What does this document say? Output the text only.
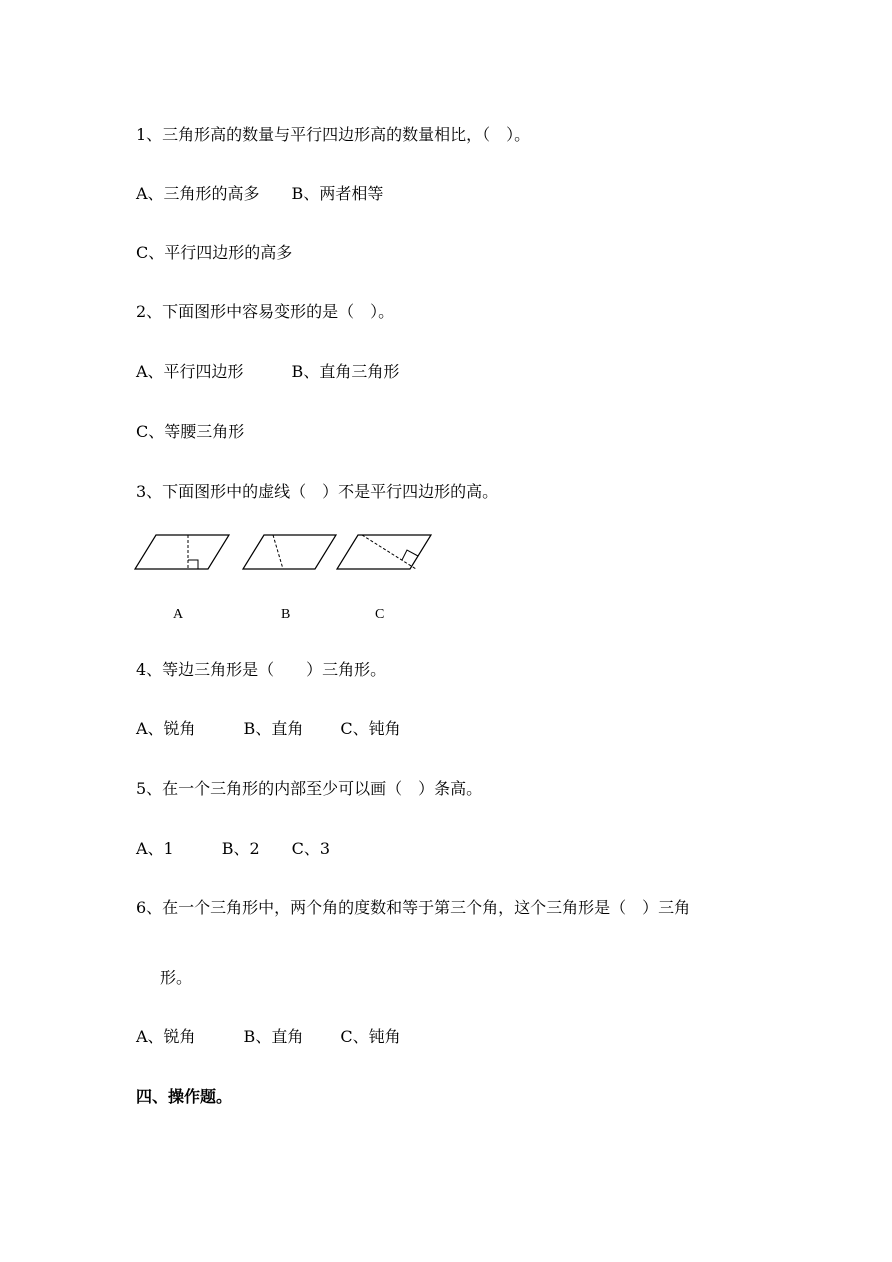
1、三角形高的数量与平行四边形高的数量相比，（　）。
A、三角形的高多　　B、两者相等
C、平行四边形的高多
2、下面图形中容易变形的是（　）。
A、平行四边形　　　B、直角三角形
C、等腰三角形
3、下面图形中的虚线（　）不是平行四边形的高。
A	B	C
4、等边三角形是（　　）三角形。
A、锐角　　　B、直角　　 C、钝角
5、在一个三角形的内部至少可以画（　）条高。
A、1　　　B、2　　C、3
6、在一个三角形中，两个角的度数和等于第三个角，这个三角形是（　）三角
形。
A、锐角　　　B、直角　　 C、钝角
四、操作题。
